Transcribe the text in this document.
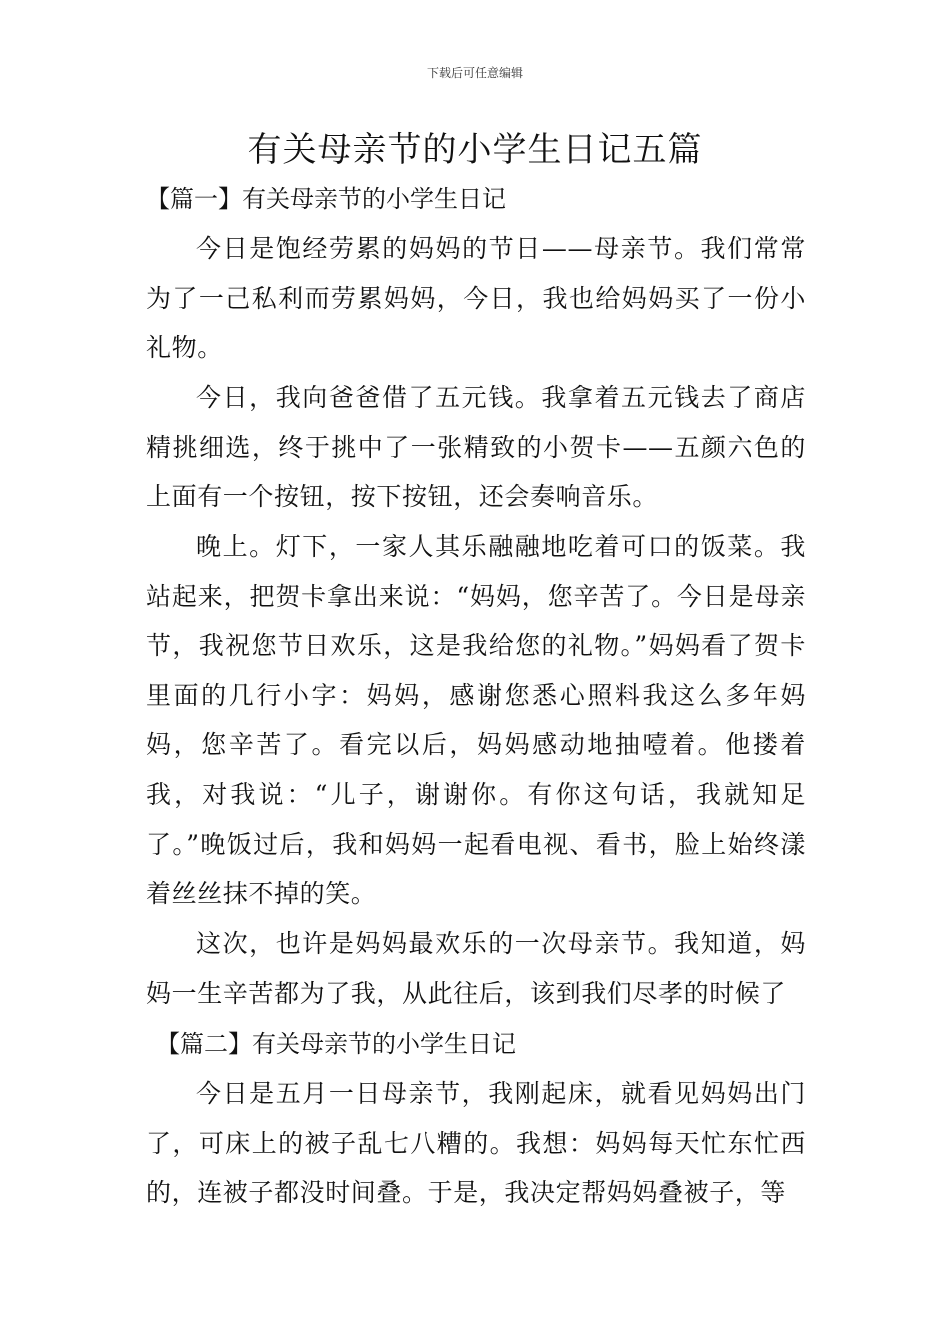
下载后可任意编辑
有关母亲节的小学生日记五篇
【篇一】有关母亲节的小学生日记

今日是饱经劳累的妈妈的节日——母亲节。我们常常为了一己私利而劳累妈妈，今日，我也给妈妈买了一份小礼物。

今日，我向爸爸借了五元钱。我拿着五元钱去了商店精挑细选，终于挑中了一张精致的小贺卡——五颜六色的上面有一个按钮，按下按钮，还会奏响音乐。

晚上。灯下，一家人其乐融融地吃着可口的饭菜。我站起来，把贺卡拿出来说：“妈妈，您辛苦了。今日是母亲节，我祝您节日欢乐，这是我给您的礼物。”妈妈看了贺卡里面的几行小字：妈妈，感谢您悉心照料我这么多年妈妈，您辛苦了。看完以后，妈妈感动地抽噎着。他搂着我，对我说：“儿子，谢谢你。有你这句话，我就知足了。”晚饭过后，我和妈妈一起看电视、看书，脸上始终漾着丝丝抹不掉的笑。

这次，也许是妈妈最欢乐的一次母亲节。我知道，妈妈一生辛苦都为了我，从此往后，该到我们尽孝的时候了

【篇二】有关母亲节的小学生日记

今日是五月一日母亲节，我刚起床，就看见妈妈出门了，可床上的被子乱七八糟的。我想：妈妈每天忙东忙西的，连被子都没时间叠。于是，我决定帮妈妈叠被子，等
